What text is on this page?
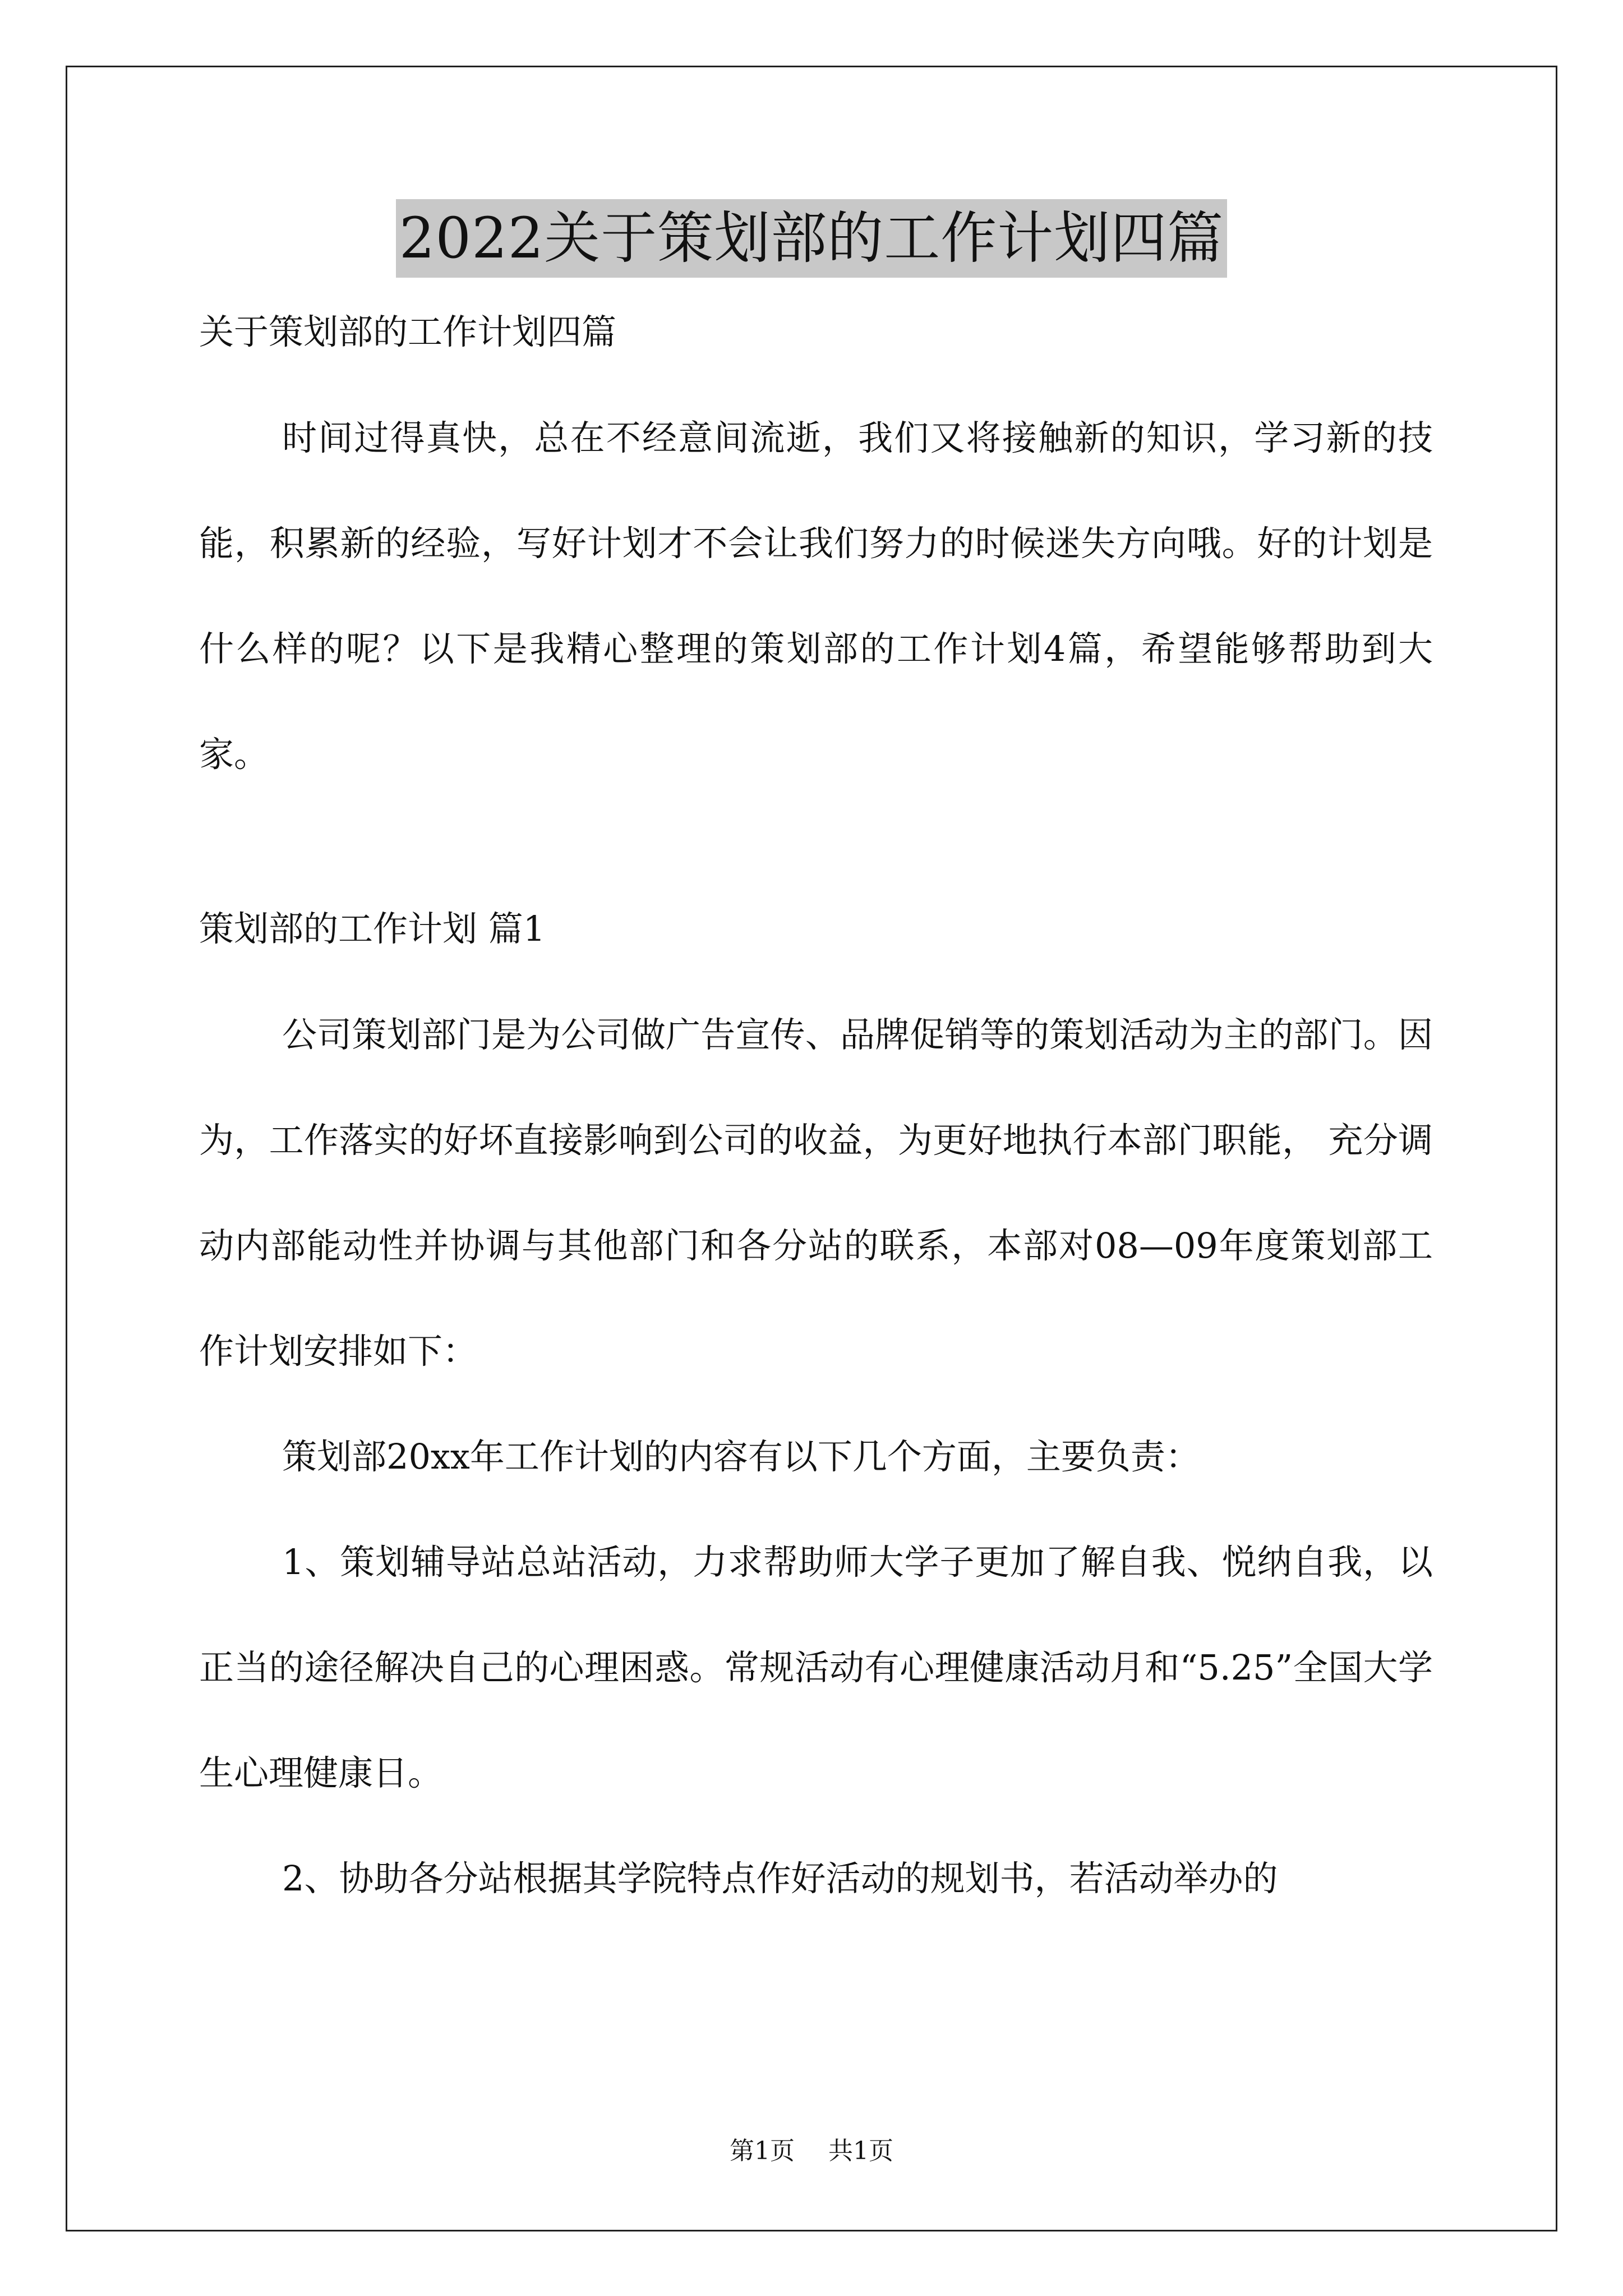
2022关于策划部的工作计划四篇

关于策划部的工作计划四篇

时间过得真快，总在不经意间流逝，我们又将接触新的知识，学习新的技能，积累新的经验，写好计划才不会让我们努力的时候迷失方向哦。好的计划是什么样的呢？以下是我精心整理的策划部的工作计划4篇，希望能够帮助到大家。

策划部的工作计划 篇1

公司策划部门是为公司做广告宣传、品牌促销等的策划活动为主的部门。因为，工作落实的好坏直接影响到公司的收益，为更好地执行本部门职能， 充分调动内部能动性并协调与其他部门和各分站的联系，本部对08—09年度策划部工作计划安排如下：

策划部20xx年工作计划的内容有以下几个方面，主要负责：

1、策划辅导站总站活动，力求帮助师大学子更加了解自我、悦纳自我，以正当的途径解决自己的心理困惑。常规活动有心理健康活动月和“5.25”全国大学生心理健康日。

2、协助各分站根据其学院特点作好活动的规划书，若活动举办的

第1页 共1页
